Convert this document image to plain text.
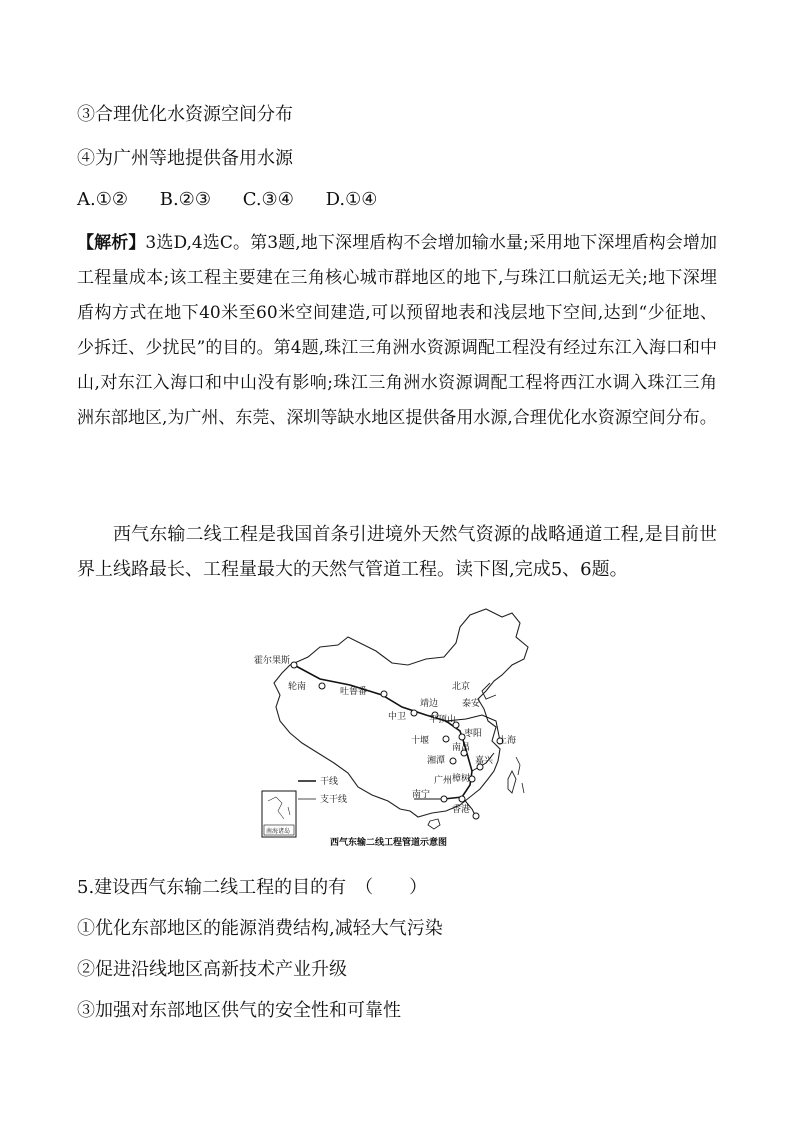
③合理优化水资源空间分布
④为广州等地提供备用水源
A.①② B.②③ C.③④ D.①④
【解析】3选D,4选C。第3题,地下深埋盾构不会增加输水量;采用地下深埋盾构会增加工程量成本;该工程主要建在三角核心城市群地区的地下,与珠江口航运无关;地下深埋盾构方式在地下40米至60米空间建造,可以预留地表和浅层地下空间,达到“少征地、少拆迁、少扰民”的目的。第4题,珠江三角洲水资源调配工程没有经过东江入海口和中山,对东江入海口和中山没有影响;珠江三角洲水资源调配工程将西江水调入珠江三角洲东部地区,为广州、东莞、深圳等缺水地区提供备用水源,合理优化水资源空间分布。
西气东输二线工程是我国首条引进境外天然气资源的战略通道工程,是目前世界上线路最长、工程量最大的天然气管道工程。读下图,完成5、6题。
霍尔果斯
轮南	吐鲁番	北京
靖边
中卫
泰安
平顶山
枣阳
十堰	上海
南昌
湘潭	嘉兴
广州 樟树
南宁
香港
干线
支干线
南海诸岛
西气东输二线工程管道示意图
5.建设西气东输二线工程的目的有　（　　）
①优化东部地区的能源消费结构,减轻大气污染
②促进沿线地区高新技术产业升级
③加强对东部地区供气的安全性和可靠性
